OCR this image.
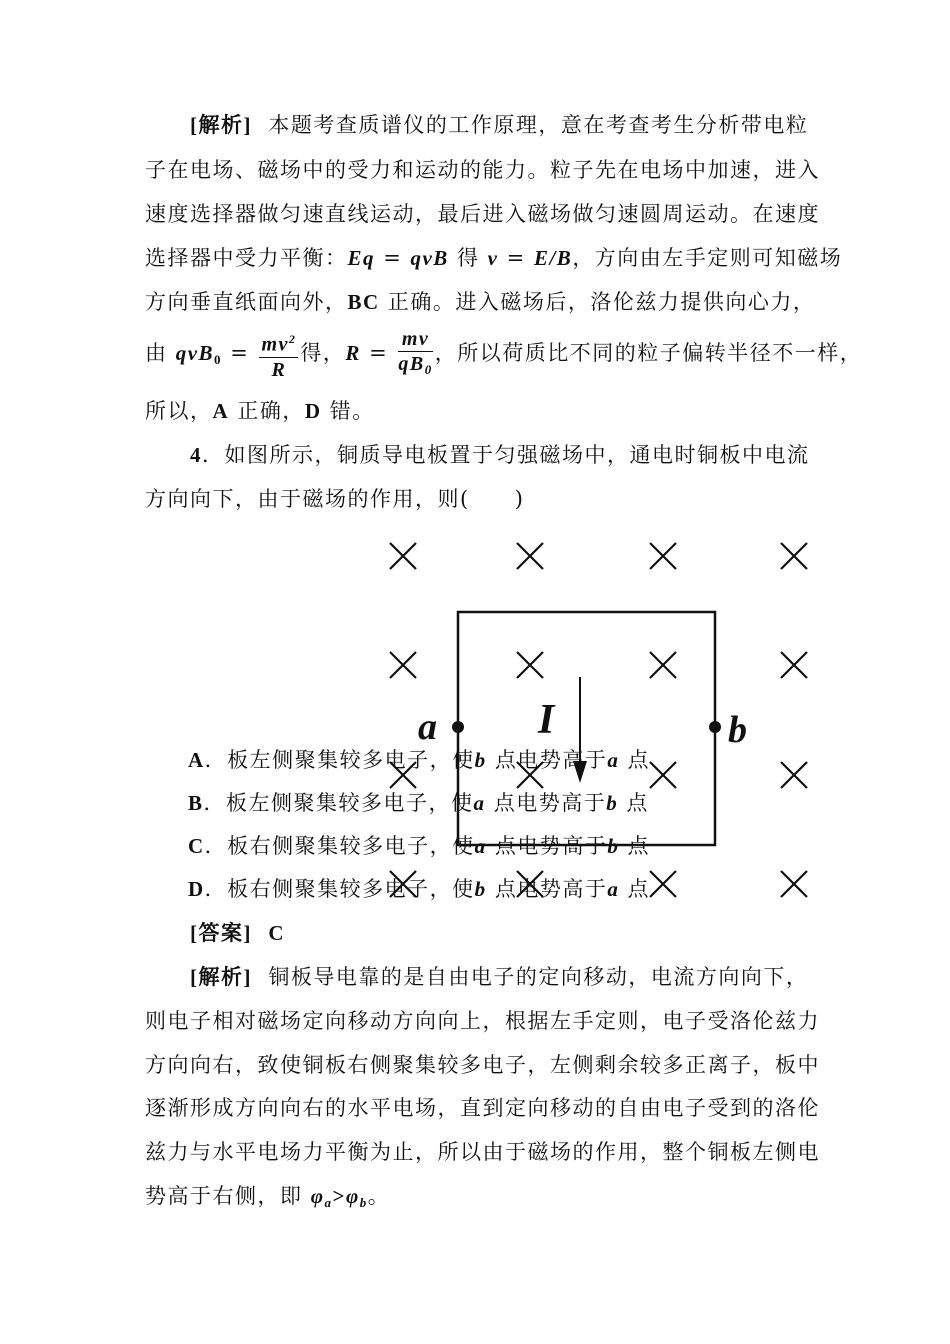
[解析] 本题考查质谱仪的工作原理，意在考查考生分析带电粒
子在电场、磁场中的受力和运动的能力。粒子先在电场中加速，进入
速度选择器做匀速直线运动，最后进入磁场做匀速圆周运动。在速度
选择器中受力平衡：Eq = qvB 得 v = E/B，方向由左手定则可知磁场
方向垂直纸面向外，BC 正确。进入磁场后，洛伦兹力提供向心力，
由 $qvB_0 = \frac{mv^2}{R}$ 得，$R = \frac{mv}{qB_0}$ ，所以荷质比不同的粒子偏转半径不一样，
所以，A 正确，D 错。
4．如图所示，铜质导电板置于匀强磁场中，通电时铜板中电流
方向向下，由于磁场的作用，则(　　)
a	b
I
A．板左侧聚集较多电子，使b 点电势高于a 点
B．板左侧聚集较多电子，使a 点电势高于b 点
C．板右侧聚集较多电子，使a 点电势高于b 点
D．板右侧聚集较多电子，使b 点电势高于a 点
[答案] C
[解析] 铜板导电靠的是自由电子的定向移动，电流方向向下，
则电子相对磁场定向移动方向向上，根据左手定则，电子受洛伦兹力
方向向右，致使铜板右侧聚集较多电子，左侧剩余较多正离子，板中
逐渐形成方向向右的水平电场，直到定向移动的自由电子受到的洛伦
兹力与水平电场力平衡为止，所以由于磁场的作用，整个铜板左侧电
势高于右侧，即 $\varphi_a>\varphi_b$。
